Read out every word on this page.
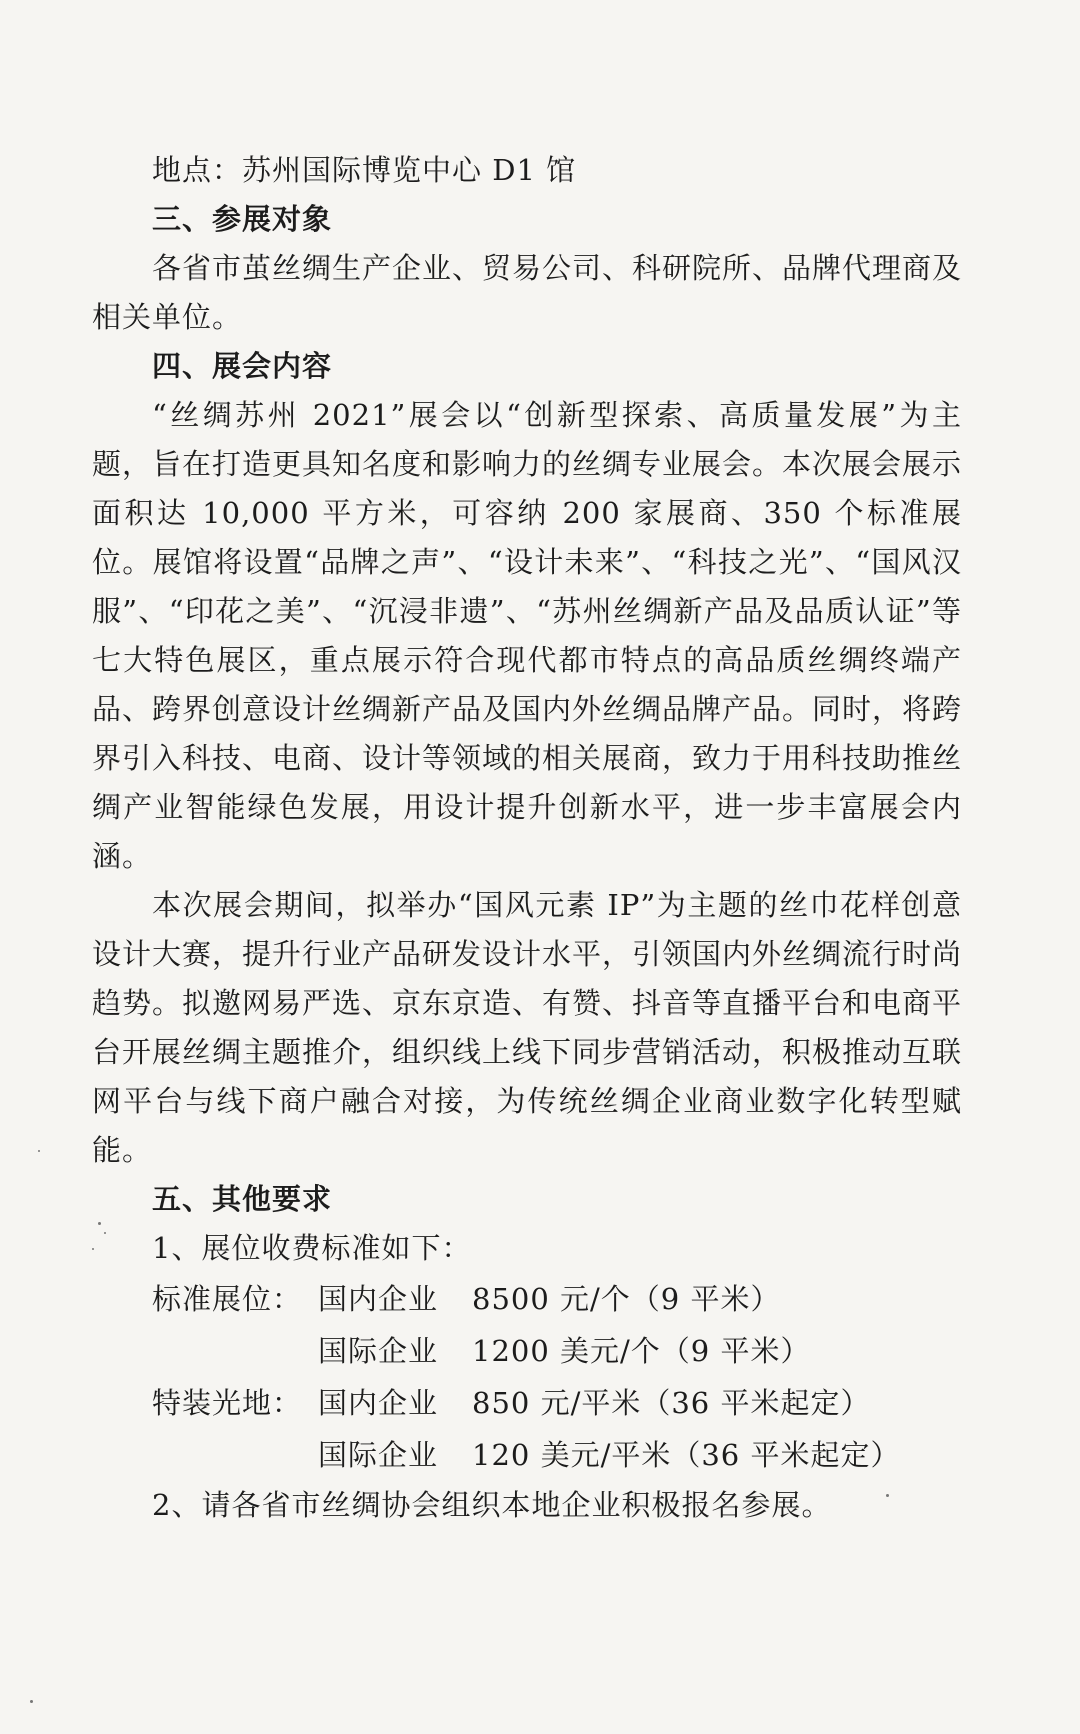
地点：苏州国际博览中心 D1 馆
三、参展对象

各省市茧丝绸生产企业、贸易公司、科研院所、品牌代理商及相关单位。

四、展会内容

“丝绸苏州 2021”展会以“创新型探索、高质量发展”为主题，旨在打造更具知名度和影响力的丝绸专业展会。本次展会展示面积达 10,000 平方米，可容纳 200 家展商、350 个标准展位。展馆将设置“品牌之声”、“设计未来”、“科技之光”、“国风汉服”、“印花之美”、“沉浸非遗”、“苏州丝绸新产品及品质认证”等七大特色展区，重点展示符合现代都市特点的高品质丝绸终端产品、跨界创意设计丝绸新产品及国内外丝绸品牌产品。同时，将跨界引入科技、电商、设计等领域的相关展商，致力于用科技助推丝绸产业智能绿色发展，用设计提升创新水平，进一步丰富展会内涵。

本次展会期间，拟举办“国风元素 IP”为主题的丝巾花样创意设计大赛，提升行业产品研发设计水平，引领国内外丝绸流行时尚趋势。拟邀网易严选、京东京造、有赞、抖音等直播平台和电商平台开展丝绸主题推介，组织线上线下同步营销活动，积极推动互联网平台与线下商户融合对接，为传统丝绸企业商业数字化转型赋能。

五、其他要求
1、展位收费标准如下：
标准展位： 国内企业 8500 元/个（9 平米）
国际企业 1200 美元/个（9 平米）
特装光地： 国内企业 850 元/平米（36 平米起定）
国际企业 120 美元/平米（36 平米起定）
2、请各省市丝绸协会组织本地企业积极报名参展。
